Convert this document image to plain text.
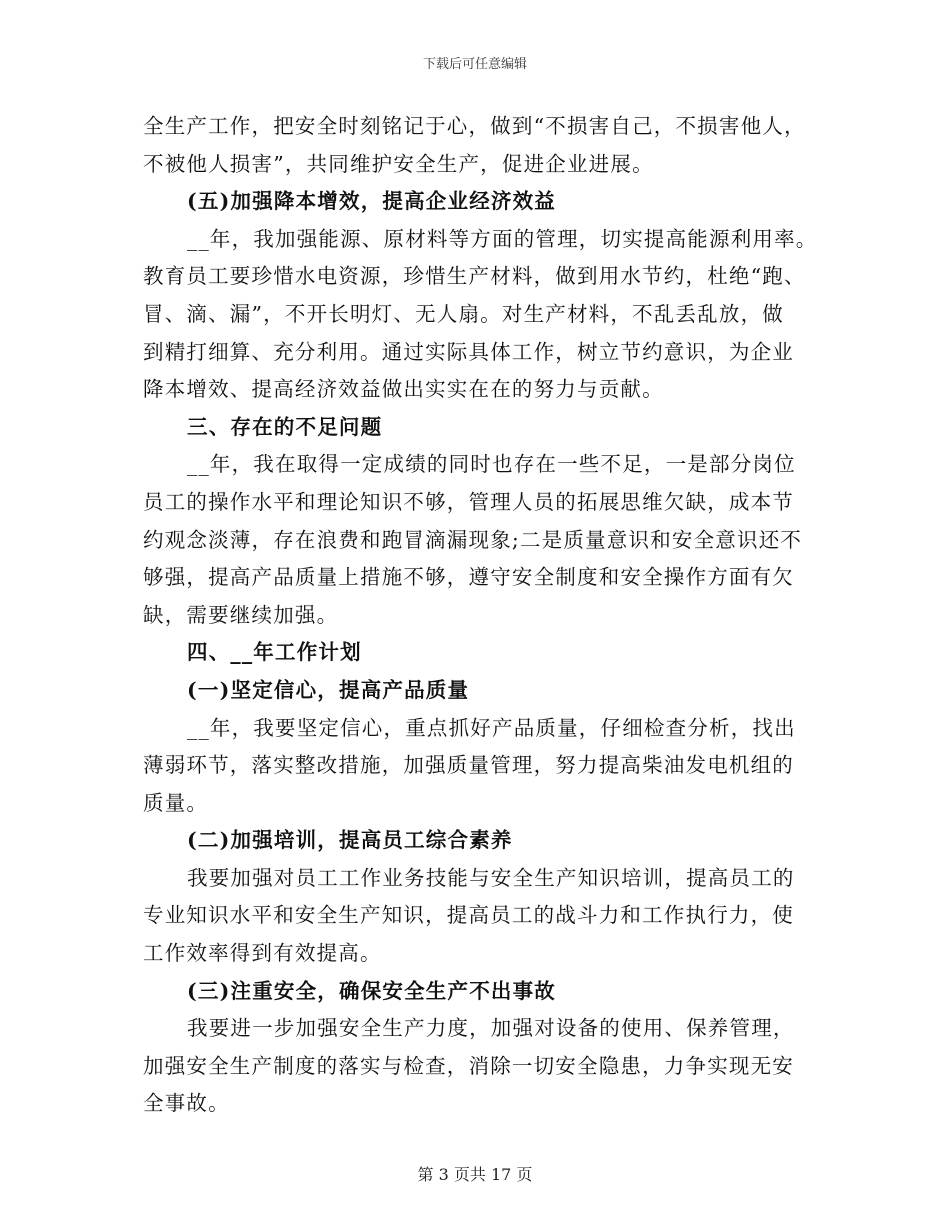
下载后可任意编辑
全生产工作，把安全时刻铭记于心，做到“不损害自己，不损害他人，
不被他人损害”，共同维护安全生产，促进企业进展。
(五)加强降本增效，提高企业经济效益
__年，我加强能源、原材料等方面的管理，切实提高能源利用率。
教育员工要珍惜水电资源，珍惜生产材料，做到用水节约，杜绝“跑、
冒、滴、漏”，不开长明灯、无人扇。对生产材料，不乱丢乱放，做
到精打细算、充分利用。通过实际具体工作，树立节约意识，为企业
降本增效、提高经济效益做出实实在在的努力与贡献。
三、存在的不足问题
__年，我在取得一定成绩的同时也存在一些不足，一是部分岗位
员工的操作水平和理论知识不够，管理人员的拓展思维欠缺，成本节
约观念淡薄，存在浪费和跑冒滴漏现象;二是质量意识和安全意识还不
够强，提高产品质量上措施不够，遵守安全制度和安全操作方面有欠
缺，需要继续加强。
四、__年工作计划
(一)坚定信心，提高产品质量
__年，我要坚定信心，重点抓好产品质量，仔细检查分析，找出
薄弱环节，落实整改措施，加强质量管理，努力提高柴油发电机组的
质量。
(二)加强培训，提高员工综合素养
我要加强对员工工作业务技能与安全生产知识培训，提高员工的
专业知识水平和安全生产知识，提高员工的战斗力和工作执行力，使
工作效率得到有效提高。
(三)注重安全，确保安全生产不出事故
我要进一步加强安全生产力度，加强对设备的使用、保养管理，
加强安全生产制度的落实与检查，消除一切安全隐患，力争实现无安
全事故。
第 3 页共 17 页
